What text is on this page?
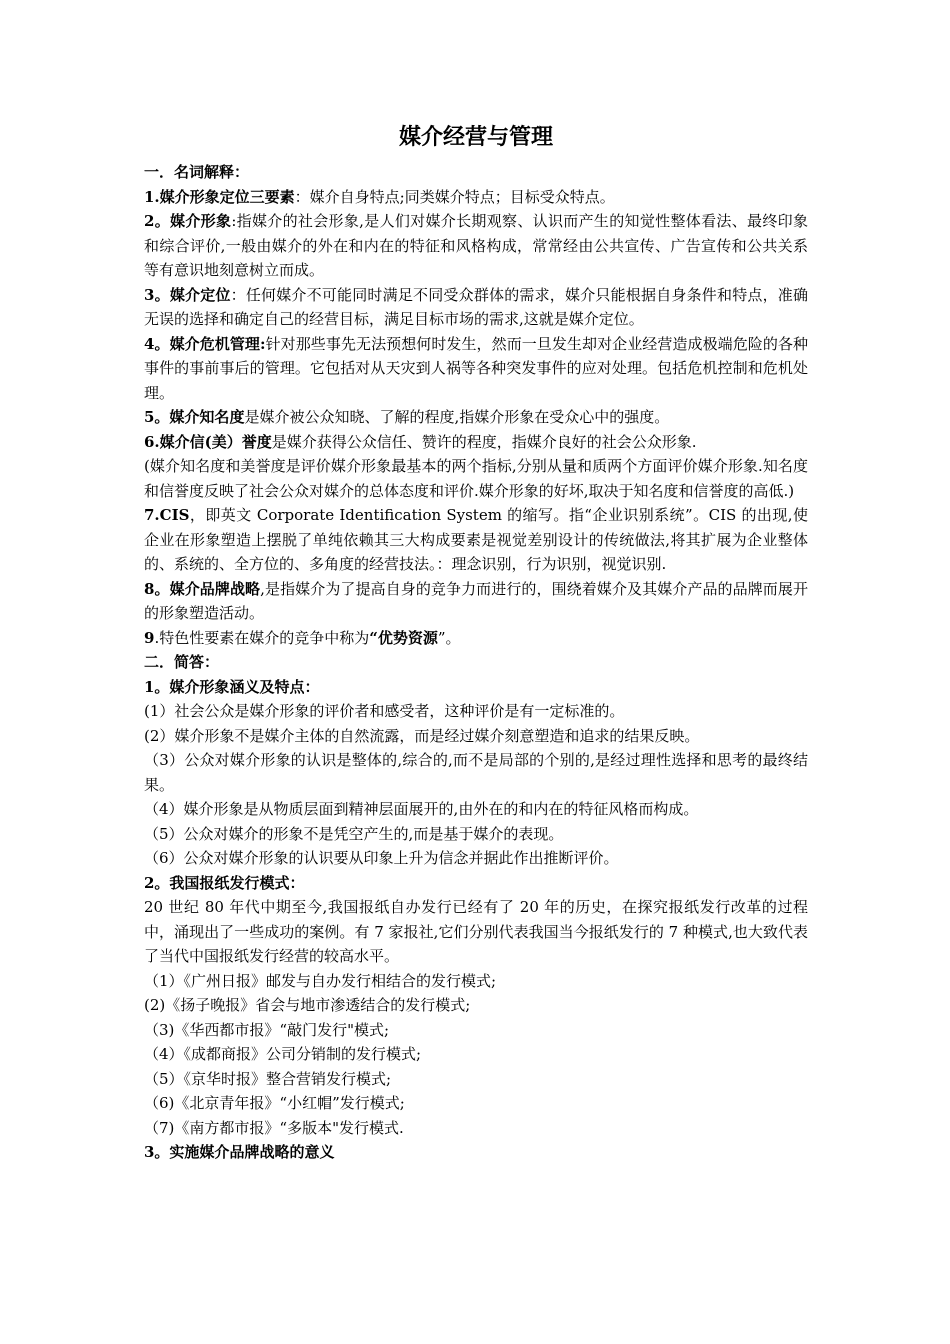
媒介经营与管理

一．名词解释：

1.媒介形象定位三要素：媒介自身特点;同类媒介特点；目标受众特点。

2。媒介形象:指媒介的社会形象,是人们对媒介长期观察、认识而产生的知觉性整体看法、最终印象和综合评价,一般由媒介的外在和内在的特征和风格构成，常常经由公共宣传、广告宣传和公共关系等有意识地刻意树立而成。

3。媒介定位：任何媒介不可能同时满足不同受众群体的需求，媒介只能根据自身条件和特点，准确无误的选择和确定自己的经营目标，满足目标市场的需求,这就是媒介定位。

4。媒介危机管理:针对那些事先无法预想何时发生，然而一旦发生却对企业经营造成极端危险的各种事件的事前事后的管理。它包括对从天灾到人祸等各种突发事件的应对处理。包括危机控制和危机处理。

5。媒介知名度是媒介被公众知晓、了解的程度,指媒介形象在受众心中的强度。

6.媒介信(美）誉度是媒介获得公众信任、赞许的程度，指媒介良好的社会公众形象.

(媒介知名度和美誉度是评价媒介形象最基本的两个指标,分别从量和质两个方面评价媒介形象.知名度和信誉度反映了社会公众对媒介的总体态度和评价.媒介形象的好坏,取决于知名度和信誉度的高低.)

7.CIS，即英文 Corporate Identification System 的缩写。指“企业识别系统”。CIS 的出现,使企业在形象塑造上摆脱了单纯依赖其三大构成要素是视觉差别设计的传统做法,将其扩展为企业整体的、系统的、全方位的、多角度的经营技法。：理念识别，行为识别，视觉识别.

8。媒介品牌战略,是指媒介为了提高自身的竞争力而进行的，围绕着媒介及其媒介产品的品牌而展开的形象塑造活动。

9.特色性要素在媒介的竞争中称为“优势资源”。

二．简答：

1。媒介形象涵义及特点：

(1）社会公众是媒介形象的评价者和感受者，这种评价是有一定标准的。

(2）媒介形象不是媒介主体的自然流露，而是经过媒介刻意塑造和追求的结果反映。

（3）公众对媒介形象的认识是整体的,综合的,而不是局部的个别的,是经过理性选择和思考的最终结果。

（4）媒介形象是从物质层面到精神层面展开的,由外在的和内在的特征风格而构成。

（5）公众对媒介的形象不是凭空产生的,而是基于媒介的表现。

（6）公众对媒介形象的认识要从印象上升为信念并据此作出推断评价。

2。我国报纸发行模式：

20 世纪 80 年代中期至今,我国报纸自办发行已经有了 20 年的历史，在探究报纸发行改革的过程中，涌现出了一些成功的案例。有 7 家报社,它们分别代表我国当今报纸发行的 7 种模式,也大致代表了当代中国报纸发行经营的较高水平。

（1）《广州日报》邮发与自办发行相结合的发行模式;

(2)《扬子晚报》省会与地市渗透结合的发行模式;

（3)《华西都市报》“敲门发行"模式;

（4）《成都商报》公司分销制的发行模式;

（5）《京华时报》整合营销发行模式;

（6)《北京青年报》“小红帽”发行模式;

（7)《南方都市报》“多版本"发行模式.

3。实施媒介品牌战略的意义
